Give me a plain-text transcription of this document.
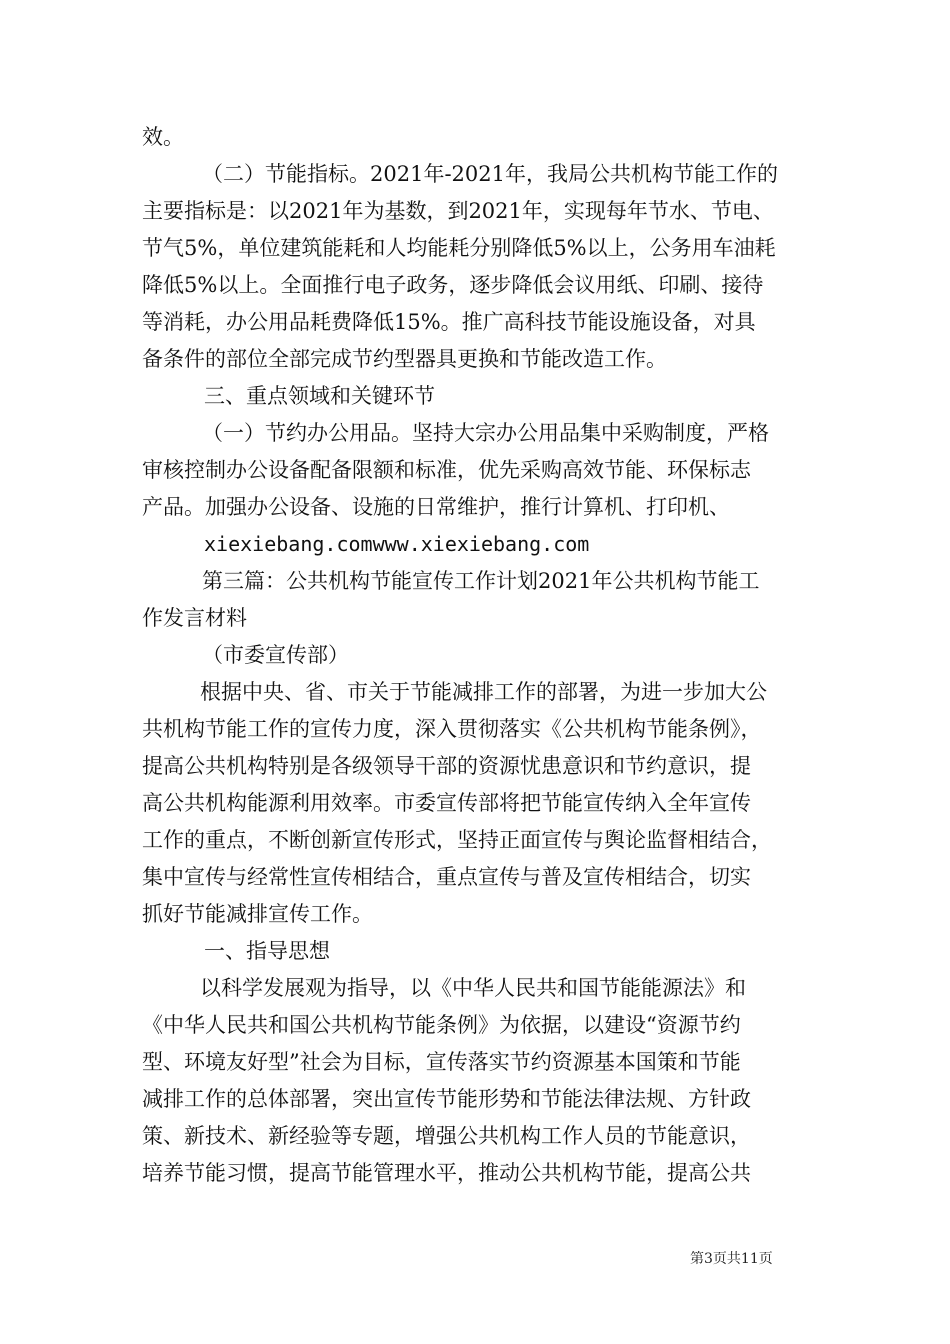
效。
（二）节能指标。2021年-2021年，我局公共机构节能工作的
主要指标是：以2021年为基数，到2021年，实现每年节水、节电、
节气5%，单位建筑能耗和人均能耗分别降低5%以上，公务用车油耗
降低5%以上。全面推行电子政务，逐步降低会议用纸、印刷、接待
等消耗，办公用品耗费降低15%。推广高科技节能设施设备，对具
备条件的部位全部完成节约型器具更换和节能改造工作。
三、重点领域和关键环节
（一）节约办公用品。坚持大宗办公用品集中采购制度，严格
审核控制办公设备配备限额和标准，优先采购高效节能、环保标志
产品。加强办公设备、设施的日常维护，推行计算机、打印机、
xiexiebang.comwww.xiexiebang.com
第三篇：公共机构节能宣传工作计划2021年公共机构节能工
作发言材料
（市委宣传部）
根据中央、省、市关于节能减排工作的部署，为进一步加大公
共机构节能工作的宣传力度，深入贯彻落实《公共机构节能条例》，
提高公共机构特别是各级领导干部的资源忧患意识和节约意识，提
高公共机构能源利用效率。市委宣传部将把节能宣传纳入全年宣传
工作的重点，不断创新宣传形式，坚持正面宣传与舆论监督相结合，
集中宣传与经常性宣传相结合，重点宣传与普及宣传相结合，切实
抓好节能减排宣传工作。
一、指导思想
以科学发展观为指导，以《中华人民共和国节能能源法》和
《中华人民共和国公共机构节能条例》为依据，以建设“资源节约
型、环境友好型”社会为目标，宣传落实节约资源基本国策和节能
减排工作的总体部署，突出宣传节能形势和节能法律法规、方针政
策、新技术、新经验等专题，增强公共机构工作人员的节能意识，
培养节能习惯，提高节能管理水平，推动公共机构节能，提高公共
第3页共11页
